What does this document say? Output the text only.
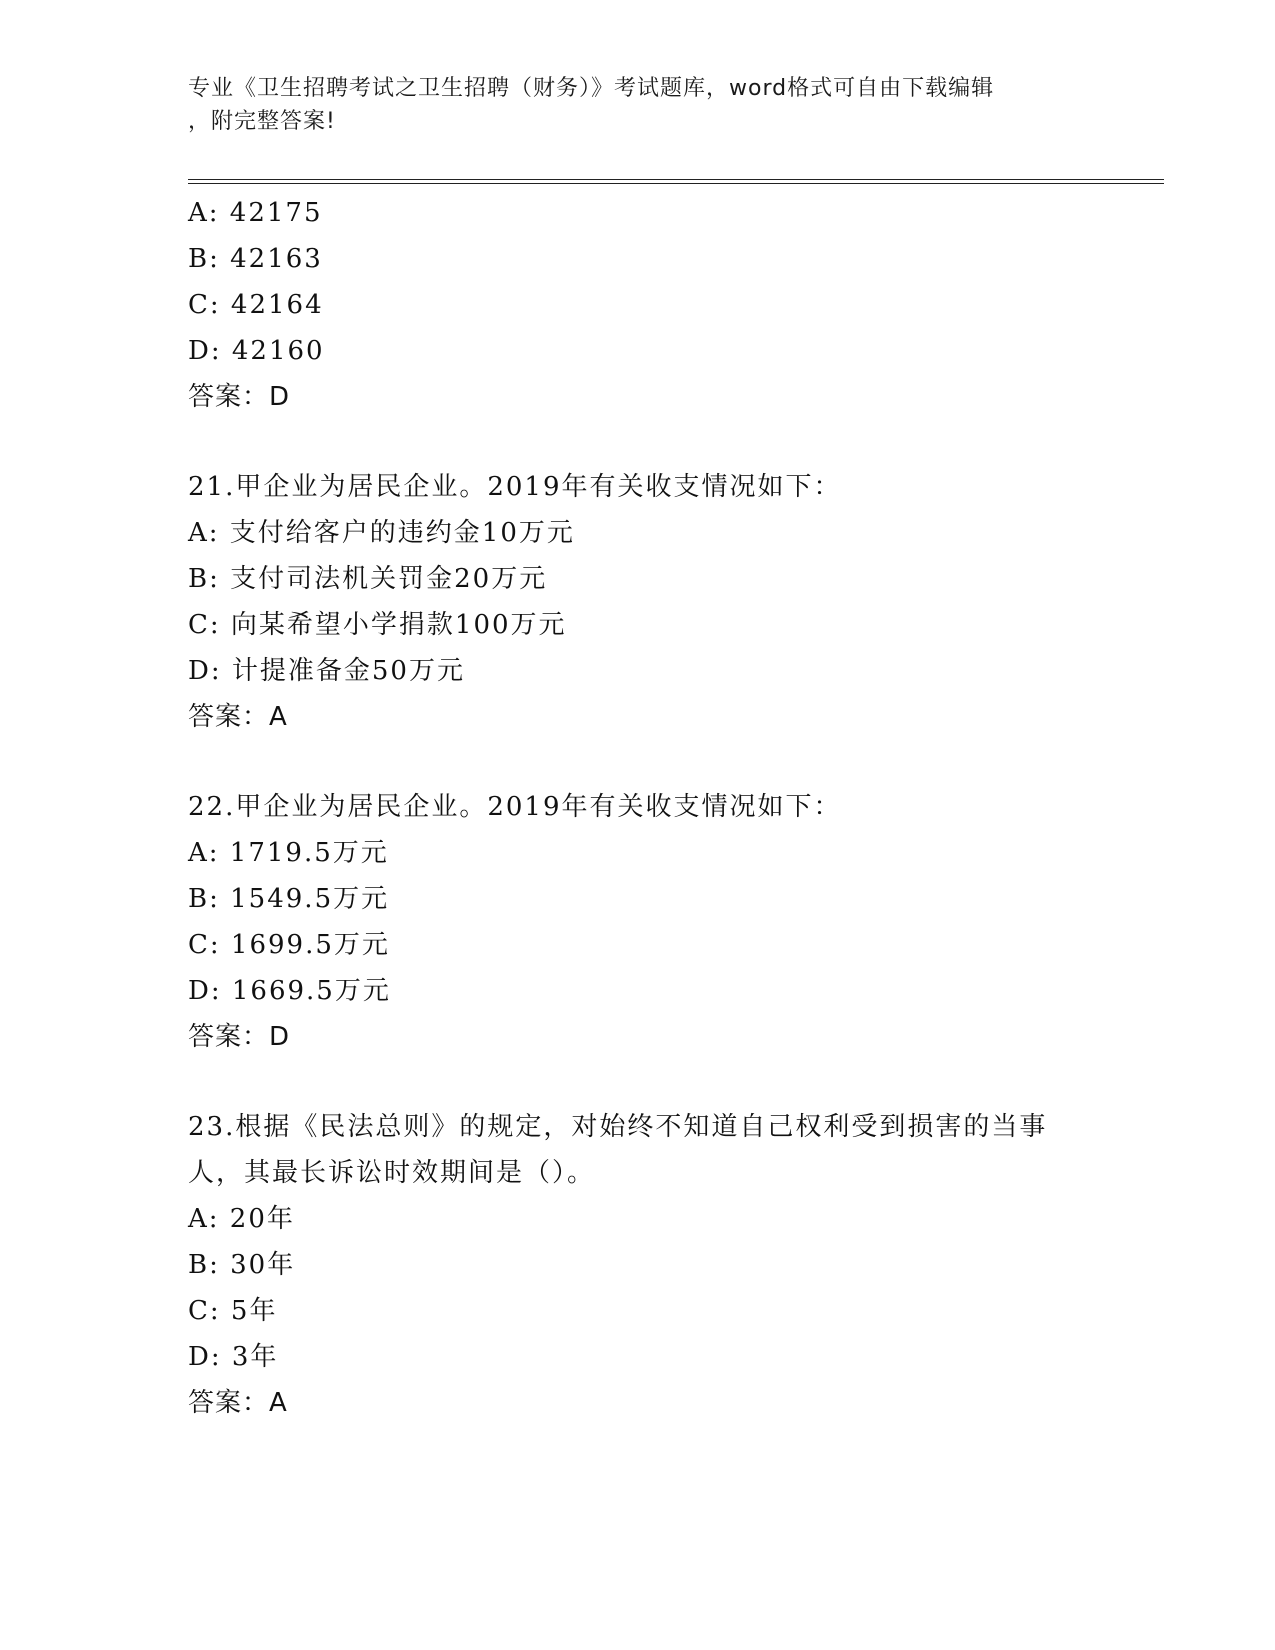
专业《卫生招聘考试之卫生招聘（财务）》考试题库，word格式可自由下载编辑
，附完整答案!
A: 42175
B: 42163
C: 42164
D: 42160
答案：D
21.甲企业为居民企业。2019年有关收支情况如下：
A: 支付给客户的违约金10万元
B: 支付司法机关罚金20万元
C: 向某希望小学捐款100万元
D: 计提准备金50万元
答案：A
22.甲企业为居民企业。2019年有关收支情况如下：
A: 1719.5万元
B: 1549.5万元
C: 1699.5万元
D: 1669.5万元
答案：D
23.根据《民法总则》的规定，对始终不知道自己权利受到损害的当事
人，其最长诉讼时效期间是（）。
A: 20年
B: 30年
C: 5年
D: 3年
答案：A
